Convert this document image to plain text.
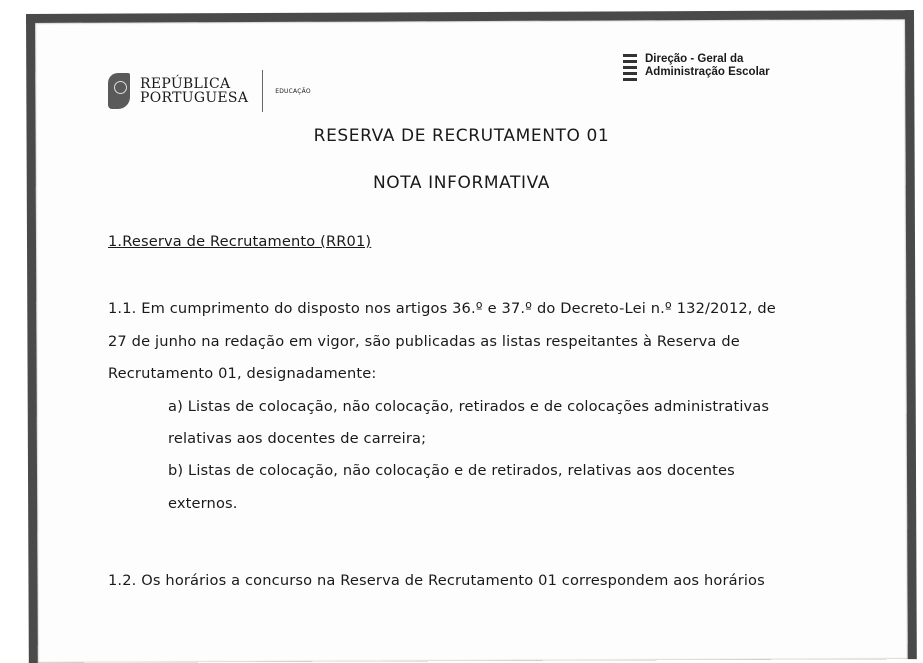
REPÚBLICA
PORTUGUESA	EDUCAÇÃO
Direção - Geral da
Administração Escolar
RESERVA DE RECRUTAMENTO 01
NOTA INFORMATIVA
1.Reserva de Recrutamento (RR01)
1.1. Em cumprimento do disposto nos artigos 36.º e 37.º do Decreto-Lei n.º 132/2012, de
27 de junho na redação em vigor, são publicadas as listas respeitantes à Reserva de
Recrutamento 01, designadamente:
a) Listas de colocação, não colocação, retirados e de colocações administrativas
relativas aos docentes de carreira;
b) Listas de colocação, não colocação e de retirados, relativas aos docentes
externos.
1.2. Os horários a concurso na Reserva de Recrutamento 01 correspondem aos horários
